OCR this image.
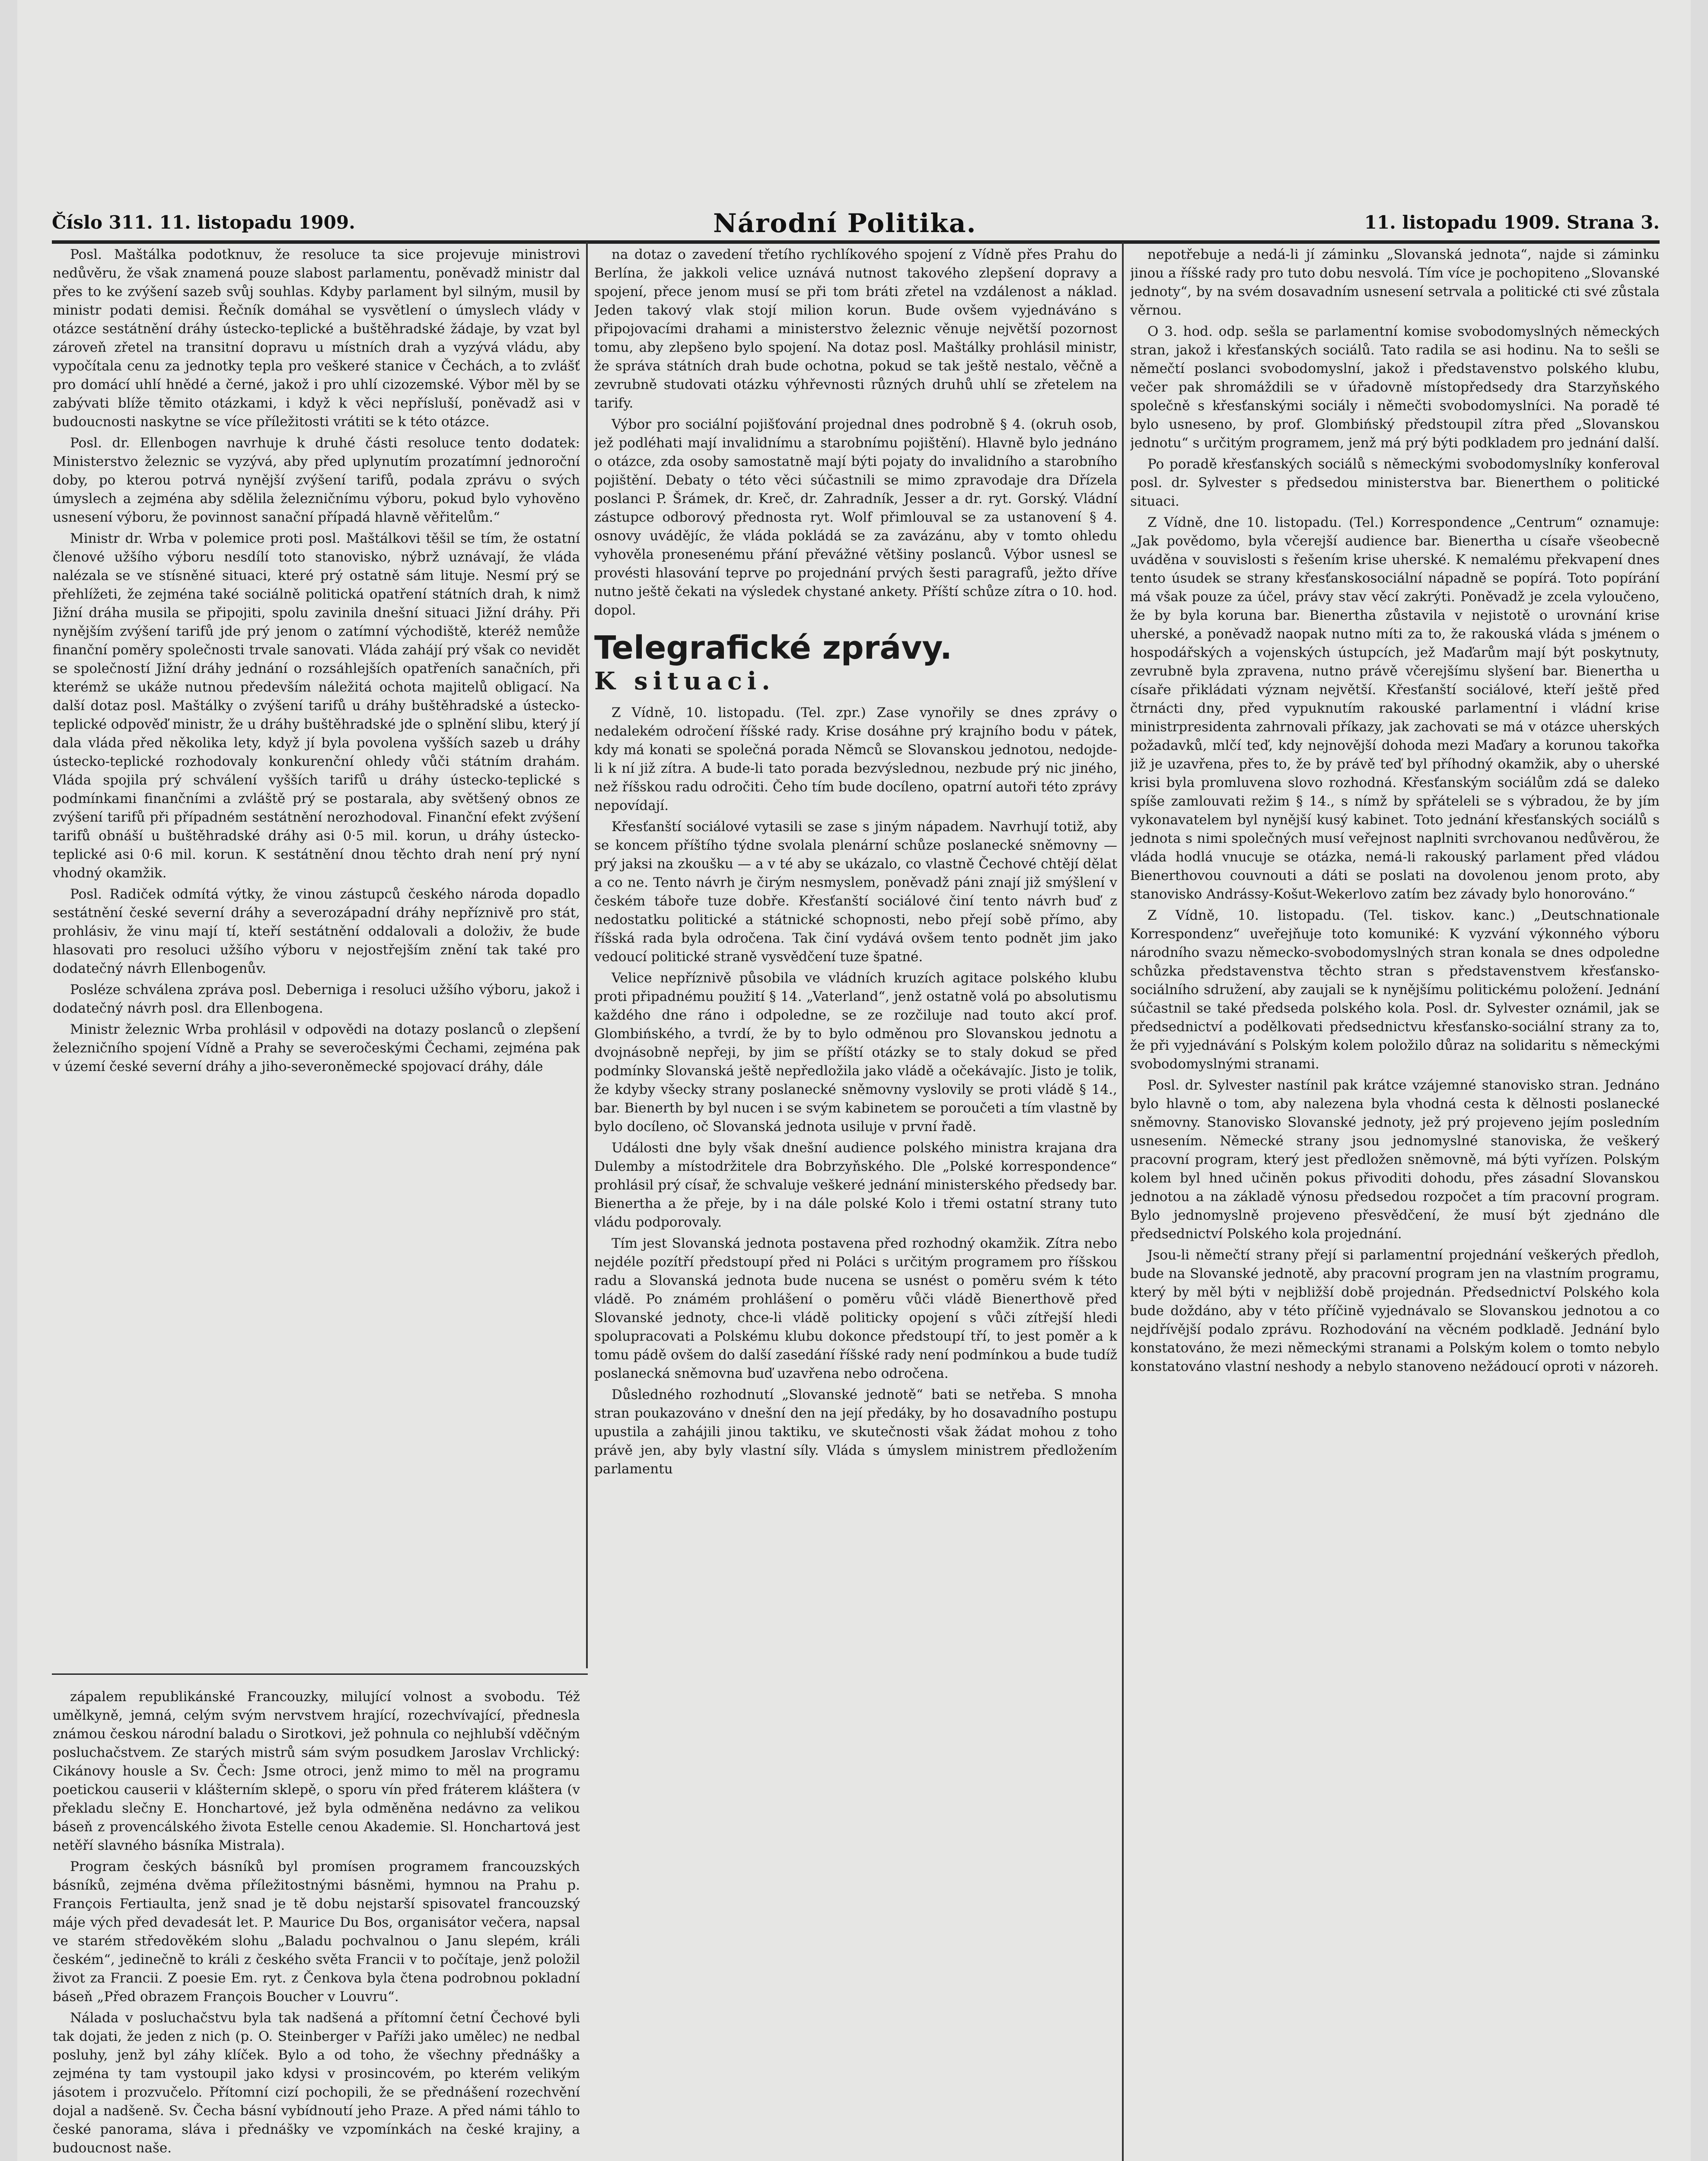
Číslo 311. 11. listopadu 1909.	Národní Politika.	11. listopadu 1909. Strana 3.

Posl. Maštálka podotknuv, že resoluce ta sice projevuje ministrovi nedůvěru, že však znamená pouze slabost parlamentu, poněvadž ministr dal přes to ke zvýšení sazeb svůj souhlas. Kdyby parlament byl silným, musil by ministr podati demisi. Řečník domáhal se vysvětlení o úmyslech vlády v otázce sestátnění dráhy ústecko-teplické a buštěhradské žádaje, by vzat byl zároveň zřetel na transitní dopravu u místních drah a vyzývá vládu, aby vypočítala cenu za jednotky tepla pro veškeré stanice v Čechách, a to zvlášť pro domácí uhlí hnědé a černé, jakož i pro uhlí cizozemské. Výbor měl by se zabývati blíže těmito otázkami, i když k věci nepřísluší, poněvadž asi v budoucnosti naskytne se více příležitosti vrátiti se k této otázce.

Posl. dr. Ellenbogen navrhuje k druhé části resoluce tento dodatek: Ministerstvo železnic se vyzývá, aby před uplynutím prozatímní jednoroční doby, po kterou potrvá nynější zvýšení tarifů, podala zprávu o svých úmyslech a zejména aby sdělila železničnímu výboru, pokud bylo vyhověno usnesení výboru, že povinnost sanační případá hlavně věřitelům.“

Ministr dr. Wrba v polemice proti posl. Maštálkovi těšil se tím, že ostatní členové užšího výboru nesdílí toto stanovisko, nýbrž uznávají, že vláda nalézala se ve stísněné situaci, které prý ostatně sám lituje. Nesmí prý se přehlížeti, že zejména také sociálně politická opatření státních drah, k nimž Jižní dráha musila se připojiti, spolu zavinila dnešní situaci Jižní dráhy. Při nynějším zvýšení tarifů jde prý jenom o zatímní východiště, kteréž nemůže finanční poměry společnosti trvale sanovati. Vláda zahájí prý však co nevidět se společností Jižní dráhy jednání o rozsáhlejších opatřeních sanačních, při kterémž se ukáže nutnou především náležitá ochota majitelů obligací. Na další dotaz posl. Maštálky o zvýšení tarifů u dráhy buštěhradské a ústecko-teplické odpověď ministr, že u dráhy buštěhradské jde o splnění slibu, který jí dala vláda před několika lety, když jí byla povolena vyšších sazeb u dráhy ústecko-teplické rozhodovaly konkurenční ohledy vůči státním drahám. Vláda spojila prý schválení vyšších tarifů u dráhy ústecko-teplické s podmínkami finančními a zvláště prý se postarala, aby světšený obnos ze zvýšení tarifů při případném sestátnění nerozhodoval. Finanční efekt zvýšení tarifů obnáší u buštěhradské dráhy asi 0·5 mil. korun, u dráhy ústecko-teplické asi 0·6 mil. korun. K sestátnění dnou těchto drah není prý nyní vhodný okamžik.

Posl. Radiček odmítá výtky, že vinou zástupců českého národa dopadlo sestátnění české severní dráhy a severozápadní dráhy nepříznivě pro stát, prohlásiv, že vinu mají tí, kteří sestátnění oddalovali a doloživ, že bude hlasovati pro resoluci užšího výboru v nejostřejším znění tak také pro dodatečný návrh Ellenbogenův.

Posléze schválena zpráva posl. Deberniga i resoluci užšího výboru, jakož i dodatečný návrh posl. dra Ellenbogena.

Ministr železnic Wrba prohlásil v odpovědi na dotazy poslanců o zlepšení železničního spojení Vídně a Prahy se severočeskými Čechami, zejména pak v území české severní dráhy a jiho-severoněmecké spojovací dráhy, dále

zápalem republikánské Francouzky, milující volnost a svobodu. Též umělkyně, jemná, celým svým nervstvem hrající, rozechvívající, přednesla známou českou národní baladu o Sirotkovi, jež pohnula co nejhlubší vděčným posluchačstvem. Ze starých mistrů sám svým posudkem Jaroslav Vrchlický: Cikánovy housle a Sv. Čech: Jsme otroci, jenž mimo to měl na programu poetickou causerii v klášterním sklepě, o sporu vín před fráterem kláštera (v překladu slečny E. Honchartové, jež byla odměněna nedávno za velikou báseň z provencálského života Estelle cenou Akademie. Sl. Honchartová jest netěří slavného básníka Mistrala).

Program českých básníků byl promísen programem francouzských básníků, zejména dvěma příležitostnými básněmi, hymnou na Prahu p. François Fertiaulta, jenž snad je tě dobu nejstarší spisovatel francouzský máje vých před devadesát let. P. Maurice Du Bos, organisátor večera, napsal ve starém středověkém slohu „Baladu pochvalnou o Janu slepém, králi českém“, jedinečně to králi z českého světa Francii v to počítaje, jenž položil život za Francii. Z poesie Em. ryt. z Čenkova byla čtena podrobnou pokladní báseň „Před obrazem François Boucher v Louvru“.

Nálada v posluchačstvu byla tak nadšená a přítomní četní Čechové byli tak dojati, že jeden z nich (p. O. Steinberger v Paříži jako umělec) ne nedbal posluhy, jenž byl záhy klíček. Bylo a od toho, že všechny přednášky a zejména ty tam vystoupil jako kdysi v prosincovém, po kterém velikým jásotem i prozvučelo. Přítomní cizí pochopili, že se přednášení rozechvění dojal a nadšeně. Sv. Čecha básní vybídnoutí jeho Praze. A před námi táhlo to české panorama, sláva i přednášky ve vzpomínkách na české krajiny, a budoucnost naše.

na dotaz o zavedení třetího rychlíkového spojení z Vídně přes Prahu do Berlína, že jakkoli velice uznává nutnost takového zlepšení dopravy a spojení, přece jenom musí se při tom bráti zřetel na vzdálenost a náklad. Jeden takový vlak stojí milion korun. Bude ovšem vyjednáváno s připojovacími drahami a ministerstvo železnic věnuje největší pozornost tomu, aby zlepšeno bylo spojení. Na dotaz posl. Maštálky prohlásil ministr, že správa státních drah bude ochotna, pokud se tak ještě nestalo, věčně a zevrubně studovati otázku výhřevnosti různých druhů uhlí se zřetelem na tarify.

Výbor pro sociální pojišťování projednal dnes podrobně § 4. (okruh osob, jež podléhati mají invalidnímu a starobnímu pojištění). Hlavně bylo jednáno o otázce, zda osoby samostatně mají býti pojaty do invalidního a starobního pojištění. Debaty o této věci súčastnili se mimo zpravodaje dra Dřízela poslanci P. Šrámek, dr. Kreč, dr. Zahradník, Jesser a dr. ryt. Gorský. Vládní zástupce odborový přednosta ryt. Wolf přimlouval se za ustanovení § 4. osnovy uvádějíc, že vláda pokládá se za zavázánu, aby v tomto ohledu vyhověla pronesenému přání převážné většiny poslanců. Výbor usnesl se provésti hlasování teprve po projednání prvých šesti paragrafů, ježto dříve nutno ještě čekati na výsledek chystané ankety. Příští schůze zítra o 10. hod. dopol.

Telegrafické zprávy.
K situaci.

Z Vídně, 10. listopadu. (Tel. zpr.) Zase vynořily se dnes zprávy o nedalekém odročení říšské rady. Krise dosáhne prý krajního bodu v pátek, kdy má konati se společná porada Němců se Slovanskou jednotou, nedojde-li k ní již zítra. A bude-li tato porada bezvýslednou, nezbude prý nic jiného, než říšskou radu odročiti. Čeho tím bude docíleno, opatrní autoři této zprávy nepovídají.

Křesťanští sociálové vytasili se zase s jiným nápadem. Navrhují totiž, aby se koncem příštího týdne svolala plenární schůze poslanecké sněmovny — prý jaksi na zkoušku — a v té aby se ukázalo, co vlastně Čechové chtějí dělat a co ne. Tento návrh je čirým nesmyslem, poněvadž páni znají již smýšlení v českém táboře tuze dobře. Křesťanští sociálové činí tento návrh buď z nedostatku politické a státnické schopnosti, nebo přejí sobě přímo, aby říšská rada byla odročena. Tak činí vydává ovšem tento podnět jim jako vedoucí politické straně vysvědčení tuze špatné.

Velice nepříznivě působila ve vládních kruzích agitace polského klubu proti připadnému použití § 14. „Vaterland“, jenž ostatně volá po absolutismu každého dne ráno i odpoledne, se ze rozčiluje nad touto akcí prof. Glombińského, a tvrdí, že by to bylo odměnou pro Slovanskou jednotu a dvojnásobně nepřeji, by jim se příští otázky se to staly dokud se před podmínky Slovanská ještě nepředložila jako vládě a očekávajíc. Jisto je tolik, že kdyby všecky strany poslanecké sněmovny vyslovily se proti vládě § 14., bar. Bienerth by byl nucen i se svým kabinetem se poroučeti a tím vlastně by bylo docíleno, oč Slovanská jednota usiluje v první řadě.

Události dne byly však dnešní audience polského ministra krajana dra Dulemby a místodržitele dra Bobrzyňského. Dle „Polské korrespondence“ prohlásil prý císař, že schvaluje veškeré jednání ministerského předsedy bar. Bienertha a že přeje, by i na dále polské Kolo i třemi ostatní strany tuto vládu podporovaly.

Tím jest Slovanská jednota postavena před rozhodný okamžik. Zítra nebo nejdéle pozítří předstoupí před ni Poláci s určitým programem pro říšskou radu a Slovanská jednota bude nucena se usnést o poměru svém k této vládě. Po známém prohlášení o poměru vůči vládě Bienerthově před Slovanské jednoty, chce-li vládě politicky opojení s vůči zítřejší hledi spolupracovati a Polskému klubu dokonce předstoupí tří, to jest poměr a k tomu pádě ovšem do další zasedání říšské rady není podmínkou a bude tudíž poslanecká sněmovna buď uzavřena nebo odročena.

Důsledného rozhodnutí „Slovanské jednotě“ bati se netřeba. S mnoha stran poukazováno v dnešní den na její předáky, by ho dosavadního postupu upustila a zahájili jinou taktiku, ve skutečnosti však žádat mohou z toho právě jen, aby byly vlastní síly. Vláda s úmyslem ministrem předložením parlamentu

nepotřebuje a nedá-li jí záminku „Slovanská jednota“, najde si záminku jinou a říšské rady pro tuto dobu nesvolá. Tím více je pochopiteno „Slovanské jednoty“, by na svém dosavadním usnesení setrvala a politické cti své zůstala věrnou.

O 3. hod. odp. sešla se parlamentní komise svobodomyslných německých stran, jakož i křesťanských sociálů. Tato radila se asi hodinu. Na to sešli se němečtí poslanci svobodomyslní, jakož i představenstvo polského klubu, večer pak shromáždili se v úřadovně místopředsedy dra Starzyňského společně s křesťanskými sociály i němečti svobodomyslníci. Na poradě té bylo usneseno, by prof. Glombińský předstoupil zítra před „Slovanskou jednotu“ s určitým programem, jenž má prý býti podkladem pro jednání další.

Po poradě křesťanských sociálů s německými svobodomyslníky konferoval posl. dr. Sylvester s předsedou ministerstva bar. Bienerthem o politické situaci.

Z Vídně, dne 10. listopadu. (Tel.) Korrespondence „Centrum“ oznamuje: „Jak povědomo, byla včerejší audience bar. Bienertha u císaře všeobecně uváděna v souvislosti s řešením krise uherské. K nemalému překvapení dnes tento úsudek se strany křesťanskosociální nápadně se popírá. Toto popírání má však pouze za účel, právy stav věcí zakrýti. Poněvadž je zcela vyloučeno, že by byla koruna bar. Bienertha zůstavila v nejistotě o urovnání krise uherské, a poněvadž naopak nutno míti za to, že rakouská vláda s jménem o hospodářských a vojenských ústupcích, jež Maďarům mají být poskytnuty, zevrubně byla zpravena, nutno právě včerejšímu slyšení bar. Bienertha u císaře přikládati význam největší. Křesťanští sociálové, kteří ještě před čtrnácti dny, před vypuknutím rakouské parlamentní i vládní krise ministrpresidenta zahrnovali příkazy, jak zachovati se má v otázce uherských požadavků, mlčí teď, kdy nejnovější dohoda mezi Maďary a korunou takořka již je uzavřena, přes to, že by právě teď byl příhodný okamžik, aby o uherské krisi byla promluvena slovo rozhodná. Křesťanským sociálům zdá se daleko spíše zamlouvati režim § 14., s nímž by spřáteleli se s výbradou, že by jím vykonavatelem byl nynější kusý kabinet. Toto jednání křesťanských sociálů s jednota s nimi společných musí veřejnost naplniti svrchovanou nedůvěrou, že vláda hodlá vnucuje se otázka, nemá-li rakouský parlament před vládou Bienerthovou couvnouti a dáti se poslati na dovolenou jenom proto, aby stanovisko Andrássy-Košut-Wekerlovo zatím bez závady bylo honorováno.“

Z Vídně, 10. listopadu. (Tel. tiskov. kanc.) „Deutschnationale Korrespondenz“ uveřejňuje toto komuniké: K vyzvání výkonného výboru národního svazu německo-svobodomyslných stran konala se dnes odpoledne schůzka představenstva těchto stran s představenstvem křesťansko-sociálního sdružení, aby zaujali se k nynějšímu politickému položení. Jednání súčastnil se také předseda polského kola. Posl. dr. Sylvester oznámil, jak se předsednictví a podělkovati předsednictvu křesťansko-sociální strany za to, že při vyjednávání s Polským kolem položilo důraz na solidaritu s německými svobodomyslnými stranami.

Posl. dr. Sylvester nastínil pak krátce vzájemné stanovisko stran. Jednáno bylo hlavně o tom, aby nalezena byla vhodná cesta k dělnosti poslanecké sněmovny. Stanovisko Slovanské jednoty, jež prý projeveno jejím posledním usnesením. Německé strany jsou jednomyslné stanoviska, že veškerý pracovní program, který jest předložen sněmovně, má býti vyřízen. Polským kolem byl hned učiněn pokus přivoditi dohodu, přes zásadní Slovanskou jednotou a na základě výnosu předsedou rozpočet a tím pracovní program. Bylo jednomyslně projeveno přesvědčení, že musí být zjednáno dle předsednictví Polského kola projednání.

Jsou-li němečtí strany přejí si parlamentní projednání veškerých předloh, bude na Slovanské jednotě, aby pracovní program jen na vlastním programu, který by měl býti v nejbližší době projednán. Předsednictví Polského kola bude doždáno, aby v této příčině vyjednávalo se Slovanskou jednotou a co nejdřívější podalo zprávu. Rozhodování na věcném podkladě. Jednání bylo konstatováno, že mezi německými stranami a Polským kolem o tomto nebylo konstatováno vlastní neshody a nebylo stanoveno nežádoucí oproti v názoreh.
